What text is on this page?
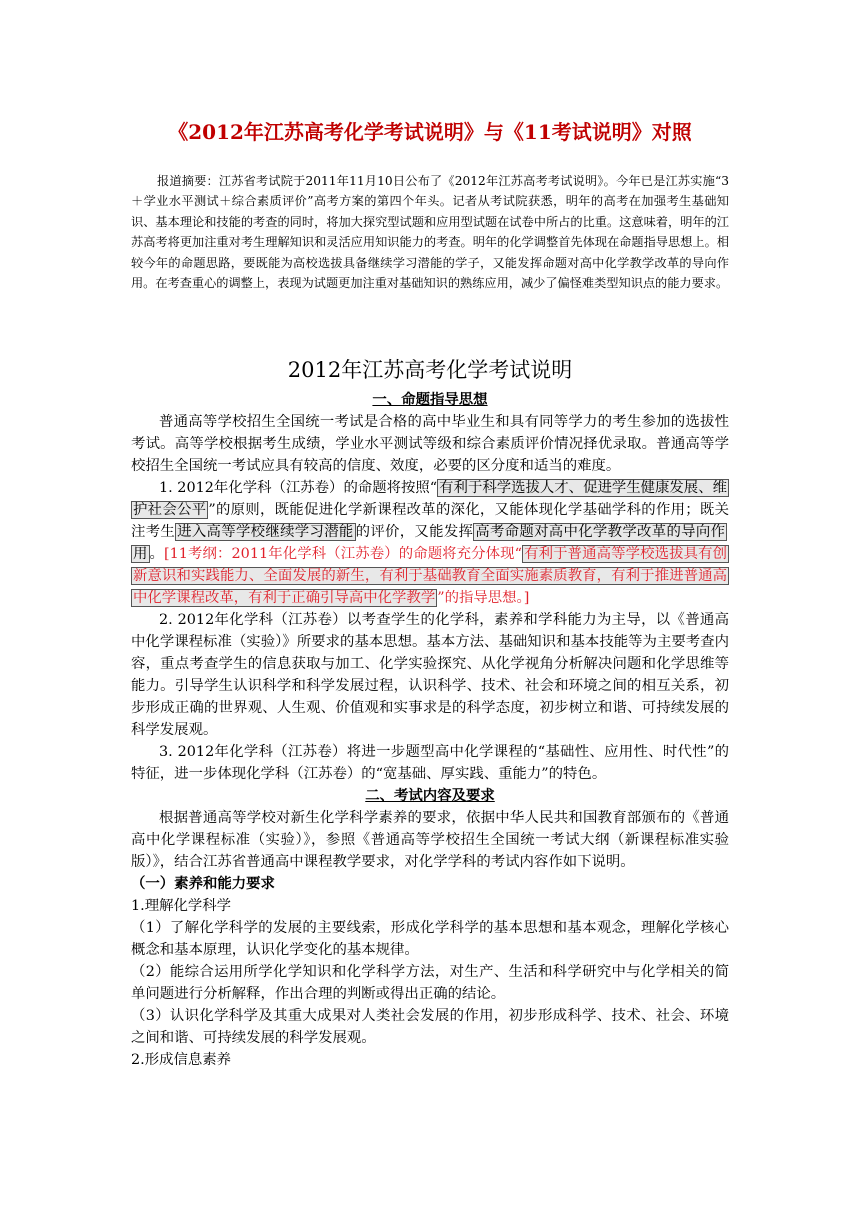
《2012年江苏高考化学考试说明》与《11考试说明》对照

报道摘要：江苏省考试院于2011年11月10日公布了《2012年江苏高考考试说明》。今年已是江苏实施“3＋学业水平测试＋综合素质评价”高考方案的第四个年头。记者从考试院获悉，明年的高考在加强考生基础知识、基本理论和技能的考查的同时，将加大探究型试题和应用型试题在试卷中所占的比重。这意味着，明年的江苏高考将更加注重对考生理解知识和灵活应用知识能力的考查。明年的化学调整首先体现在命题指导思想上。相较今年的命题思路，要既能为高校选拔具备继续学习潜能的学子，又能发挥命题对高中化学教学改革的导向作用。在考查重心的调整上，表现为试题更加注重对基础知识的熟练应用，减少了偏怪难类型知识点的能力要求。

2012年江苏高考化学考试说明

一、命题指导思想

普通高等学校招生全国统一考试是合格的高中毕业生和具有同等学力的考生参加的选拔性考试。高等学校根据考生成绩，学业水平测试等级和综合素质评价情况择优录取。普通高等学校招生全国统一考试应具有较高的信度、效度，必要的区分度和适当的难度。

1. 2012年化学科（江苏卷）的命题将按照“ 有利于科学选拔人才、促进学生健康发展、维护社会公平 ”的原则，既能促进化学新课程改革的深化，又能体现化学基础学科的作用；既关注考生 进入高等学校继续学习潜能 的评价，又能发挥 高考命题对高中化学教学改革的导向作用 。[11考纲：2011年化学科（江苏卷）的命题将充分体现“ 有利于普通高等学校选拔具有创新意识和实践能力、全面发展的新生，有利于基础教育全面实施素质教育，有利于推进普通高中化学课程改革，有利于正确引导高中化学教学 ”的指导思想。]

2. 2012年化学科（江苏卷）以考查学生的化学科，素养和学科能力为主导，以《普通高中化学课程标准（实验）》所要求的基本思想。基本方法、基础知识和基本技能等为主要考查内容，重点考查学生的信息获取与加工、化学实验探究、从化学视角分析解决问题和化学思维等能力。引导学生认识科学和科学发展过程，认识科学、技术、社会和环境之间的相互关系，初步形成正确的世界观、人生观、价值观和实事求是的科学态度，初步树立和谐、可持续发展的科学发展观。

3. 2012年化学科（江苏卷）将进一步题型高中化学课程的“基础性、应用性、时代性”的特征，进一步体现化学科（江苏卷）的“宽基础、厚实践、重能力”的特色。

二、考试内容及要求

根据普通高等学校对新生化学科学素养的要求，依据中华人民共和国教育部颁布的《普通高中化学课程标准（实验）》，参照《普通高等学校招生全国统一考试大纲（新课程标准实验版）》，结合江苏省普通高中课程教学要求，对化学学科的考试内容作如下说明。

（一）素养和能力要求

1.理解化学科学

（1）了解化学科学的发展的主要线索，形成化学科学的基本思想和基本观念，理解化学核心概念和基本原理，认识化学变化的基本规律。

（2）能综合运用所学化学知识和化学科学方法，对生产、生活和科学研究中与化学相关的简单问题进行分析解释，作出合理的判断或得出正确的结论。

（3）认识化学科学及其重大成果对人类社会发展的作用，初步形成科学、技术、社会、环境之间和谐、可持续发展的科学发展观。

2.形成信息素养
